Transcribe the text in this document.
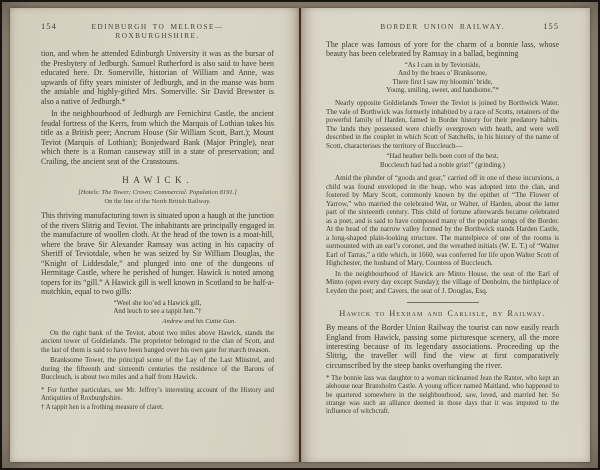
154	EDINBURGH TO MELROSE—ROXBURGHSHIRE.

tion, and when he attended Edinburgh University it was as the bursar of the Presbytery of Jedburgh. Samuel Rutherford is also said to have been educated here. Dr. Somerville, historian of William and Anne, was upwards of fifty years minister of Jedburgh, and in the manse was born the amiable and highly-gifted Mrs. Somerville. Sir David Brewster is also a native of Jedburgh.*

In the neighbourhood of Jedburgh are Fernichirst Castle, the ancient feudal fortress of the Kerrs, from which the Marquis of Lothian takes his title as a British peer; Ancrum House (Sir William Scott, Bart.); Mount Teviot (Marquis of Lothian); Bonjedward Bank (Major Pringle), near which there is a Roman causeway still in a state of preservation; and Crailing, the ancient seat of the Cranstouns.

HAWICK.
[Hotels: The Tower; Crown; Commercial. Population 8191.]
On the line of the North British Railway.

This thriving manufacturing town is situated upon a haugh at the junction of the rivers Slitrig and Teviot. The inhabitants are principally engaged in the manufacture of woollen cloth. At the head of the town is a moat-hill, where the brave Sir Alexander Ramsay was acting in his capacity of Sheriff of Teviotdale, when he was seized by Sir William Douglas, the “Knight of Liddesdale,” and plunged into one of the dungeons of Hermitage Castle, where he perished of hunger. Hawick is noted among topers for its “gill.” A Hawick gill is well known in Scotland to be half-a-mutchkin, equal to two gills:

“Weel she loo’ed a Hawick gill,
And leuch to see a tappit hen.”†
Andrew and his Cuttie Gun.

On the right bank of the Teviot, about two miles above Hawick, stands the ancient tower of Goldielands. The proprietor belonged to the clan of Scott, and the last of them is said to have been hanged over his own gate for march treason.

Branksome Tower, the principal scene of the Lay of the Last Minstrel, and during the fifteenth and sixteenth centuries the residence of the Barons of Buccleuch, is about two miles and a half from Hawick.

* For further particulars, see Mr. Jeffrey’s interesting account of the History and Antiquities of Roxburghshire.

† A tappit hen is a frothing measure of claret.

BORDER UNION RAILWAY.	155

The place was famous of yore for the charm of a bonnie lass, whose beauty has been celebrated by Ramsay in a ballad, beginning

“As I cam in by Teviotside,
And by the braes o’ Branksome,
There first I saw my bloomin’ bride,
Young, smiling, sweet, and handsome.”*

Nearly opposite Goldielands Tower the Teviot is joined by Borthwick Water. The vale of Borthwick was formerly inhabited by a race of Scotts, retainers of the powerful family of Harden, famed in Border history for their predatory habits. The lands they possessed were chiefly overgrown with heath, and were well described in the couplet in which Scott of Satchells, in his history of the name of Scott, characterises the territory of Buccleuch—

“Had heather bells been corn of the best,
Buccleuch had had a noble grist!” (grinding.)

Amid the plunder of “goods and gear,” carried off in one of these incursions, a child was found enveloped in the heap, who was adopted into the clan, and fostered by Mary Scott, commonly known by the epithet of “The Flower of Yarrow,” who married the celebrated Wat, or Walter, of Harden, about the latter part of the sixteenth century. This child of fortune afterwards became celebrated as a poet, and is said to have composed many of the popular songs of the Border. At the head of the narrow valley formed by the Borthwick stands Harden Castle, a long-shaped plain-looking structure. The mantelpiece of one of the rooms is surmounted with an earl’s coronet, and the wreathed initials (W. E. T.) of “Walter Earl of Tarras,” a title which, in 1660, was conferred for life upon Walter Scott of Highchester, the husband of Mary, Countess of Buccleuch.

In the neighbourhood of Hawick are Minto House, the seat of the Earl of Minto (open every day except Sunday); the village of Denholm, the birthplace of Leyden the poet; and Cavers, the seat of J. Douglas, Esq.

Hawick to Hexham and Carlisle, by Railway.

By means of the Border Union Railway the tourist can now easily reach England from Hawick, passing some picturesque scenery, all the more interesting because of its legendary associations. Proceeding up the Slitrig, the traveller will find the view at first comparatively circumscribed by the steep banks overhanging the river.

* The bonnie lass was daughter to a woman nicknamed Jean the Ranter, who kept an alehouse near Branxholm Castle. A young officer named Maitland, who happened to be quartered somewhere in the neighbourhood, saw, loved, and married her. So strange was such an alliance deemed in those days that it was imputed to the influence of witchcraft.
